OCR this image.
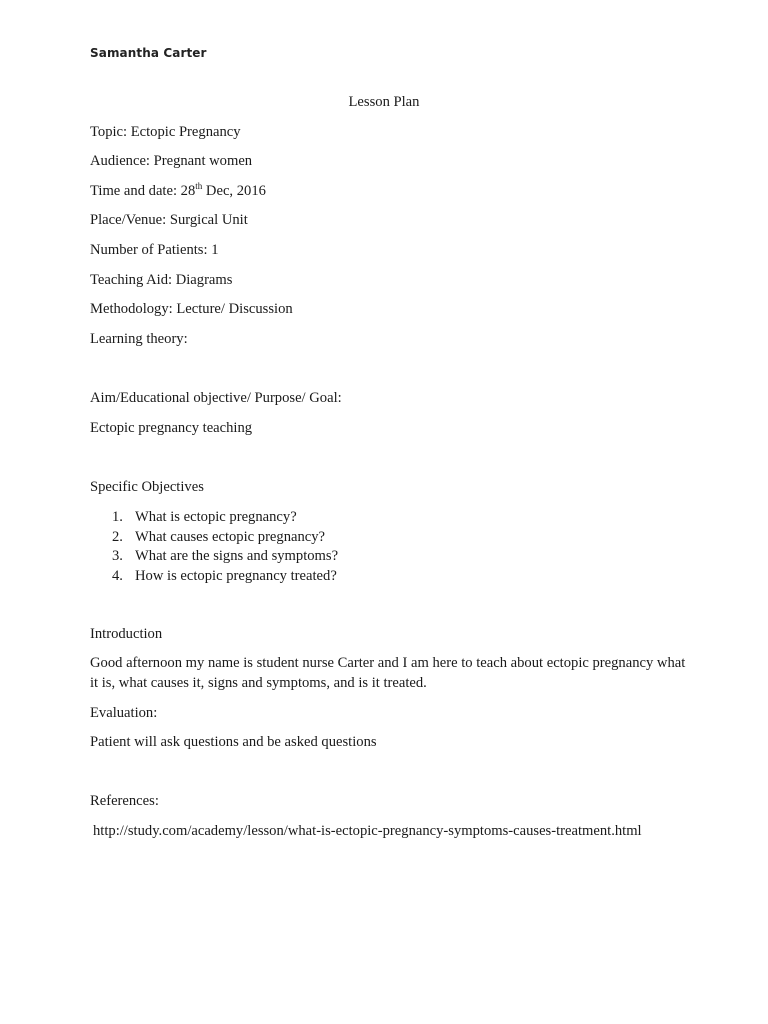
Samantha Carter
Lesson Plan
Topic: Ectopic Pregnancy
Audience: Pregnant women
Time and date: 28th Dec, 2016
Place/Venue: Surgical Unit
Number of Patients: 1
Teaching Aid: Diagrams
Methodology: Lecture/ Discussion
Learning theory:
Aim/Educational objective/ Purpose/ Goal:
Ectopic pregnancy teaching
Specific Objectives
1. What is ectopic pregnancy?
2. What causes ectopic pregnancy?
3. What are the signs and symptoms?
4. How is ectopic pregnancy treated?
Introduction
Good afternoon my name is student nurse Carter and I am here to teach about ectopic pregnancy what it is, what causes it, signs and symptoms, and is it treated.
Evaluation:
Patient will ask questions and be asked questions
References:
http://study.com/academy/lesson/what-is-ectopic-pregnancy-symptoms-causes-treatment.html
